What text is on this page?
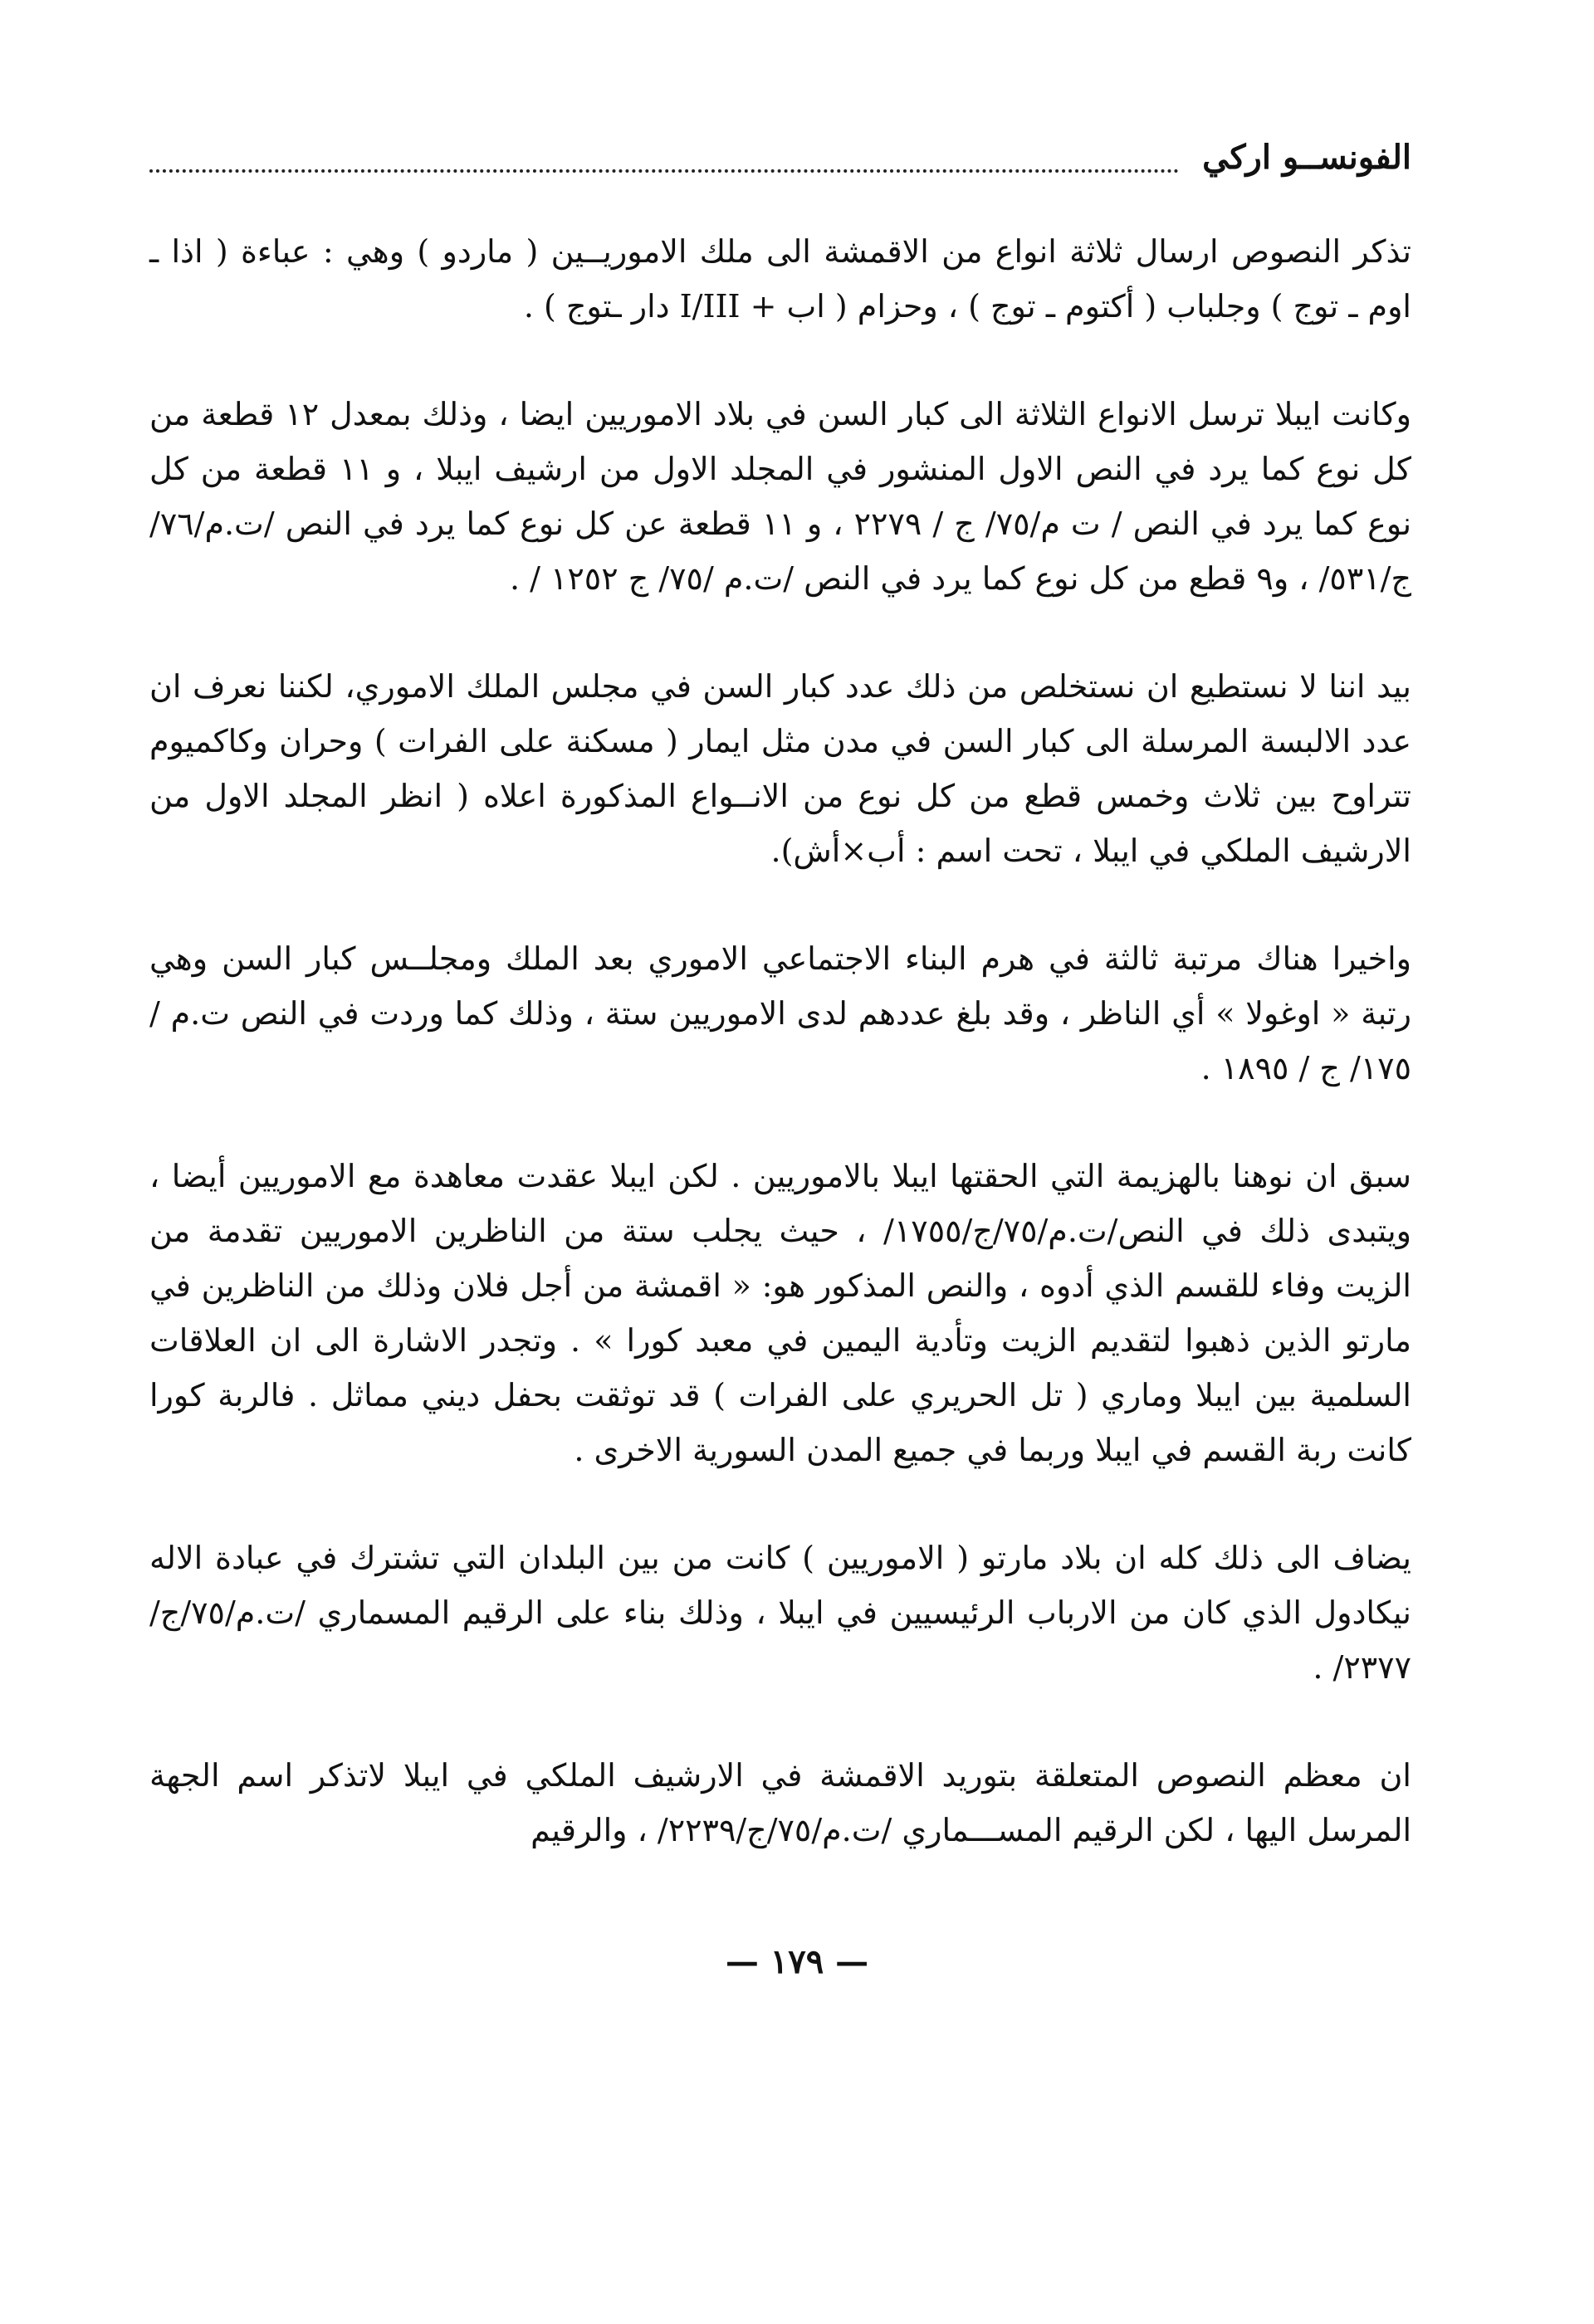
الفونســو اركي

تذكر النصوص ارسال ثلاثة انواع من الاقمشة الى ملك الاموريــين ( ماردو ) وهي : عباءة ( اذا ـ اوم ـ توج ) وجلباب ( أكتوم ـ توج ) ، وحزام ( اب + I/III دار ـتوج ) .

وكانت ايبلا ترسل الانواع الثلاثة الى كبار السن في بلاد الاموريين ايضا ، وذلك بمعدل ١٢ قطعة من كل نوع كما يرد في النص الاول المنشور في المجلد الاول من ارشيف ايبلا ، و ١١ قطعة من كل نوع كما يرد في النص / ت م/٧٥/ ج / ٢٢٧٩ ، و ١١ قطعة عن كل نوع كما يرد في النص /ت.م/٧٦/ج/٥٣١/ ، و٩ قطع من كل نوع كما يرد في النص /ت.م /٧٥/ ج ١٢٥٢ / .

بيد اننا لا نستطيع ان نستخلص من ذلك عدد كبار السن في مجلس الملك الاموري، لكننا نعرف ان عدد الالبسة المرسلة الى كبار السن في مدن مثل ايمار ( مسكنة على الفرات ) وحران وكاكميوم تتراوح بين ثلاث وخمس قطع من كل نوع من الانــواع المذكورة اعلاه ( انظر المجلد الاول من الارشيف الملكي في ايبلا ، تحت اسم : أب×أش).

واخيرا هناك مرتبة ثالثة في هرم البناء الاجتماعي الاموري بعد الملك ومجلــس كبار السن وهي رتبة « اوغولا » أي الناظر ، وقد بلغ عددهم لدى الاموريين ستة ، وذلك كما وردت في النص ت.م /١٧٥/ ج / ١٨٩٥ .

سبق ان نوهنا بالهزيمة التي الحقتها ايبلا بالاموريين . لكن ايبلا عقدت معاهدة مع الاموريين أيضا ، ويتبدى ذلك في النص/ت.م/٧٥/ج/١٧٥٥/ ، حيث يجلب ستة من الناظرين الاموريين تقدمة من الزيت وفاء للقسم الذي أدوه ، والنص المذكور هو: « اقمشة من أجل فلان وذلك من الناظرين في مارتو الذين ذهبوا لتقديم الزيت وتأدية اليمين في معبد كورا » . وتجدر الاشارة الى ان العلاقات السلمية بين ايبلا وماري ( تل الحريري على الفرات ) قد توثقت بحفل ديني مماثل . فالربة كورا كانت ربة القسم في ايبلا وربما في جميع المدن السورية الاخرى .

يضاف الى ذلك كله ان بلاد مارتو ( الاموريين ) كانت من بين البلدان التي تشترك في عبادة الاله نيكادول الذي كان من الارباب الرئيسيين في ايبلا ، وذلك بناء على الرقيم المسماري /ت.م/٧٥/ج/٢٣٧٧/ .

ان معظم النصوص المتعلقة بتوريد الاقمشة في الارشيف الملكي في ايبلا لاتذكر اسم الجهة المرسل اليها ، لكن الرقيم المســـماري /ت.م/٧٥/ج/٢٢٣٩/ ، والرقيم

— ١٧٩ —
